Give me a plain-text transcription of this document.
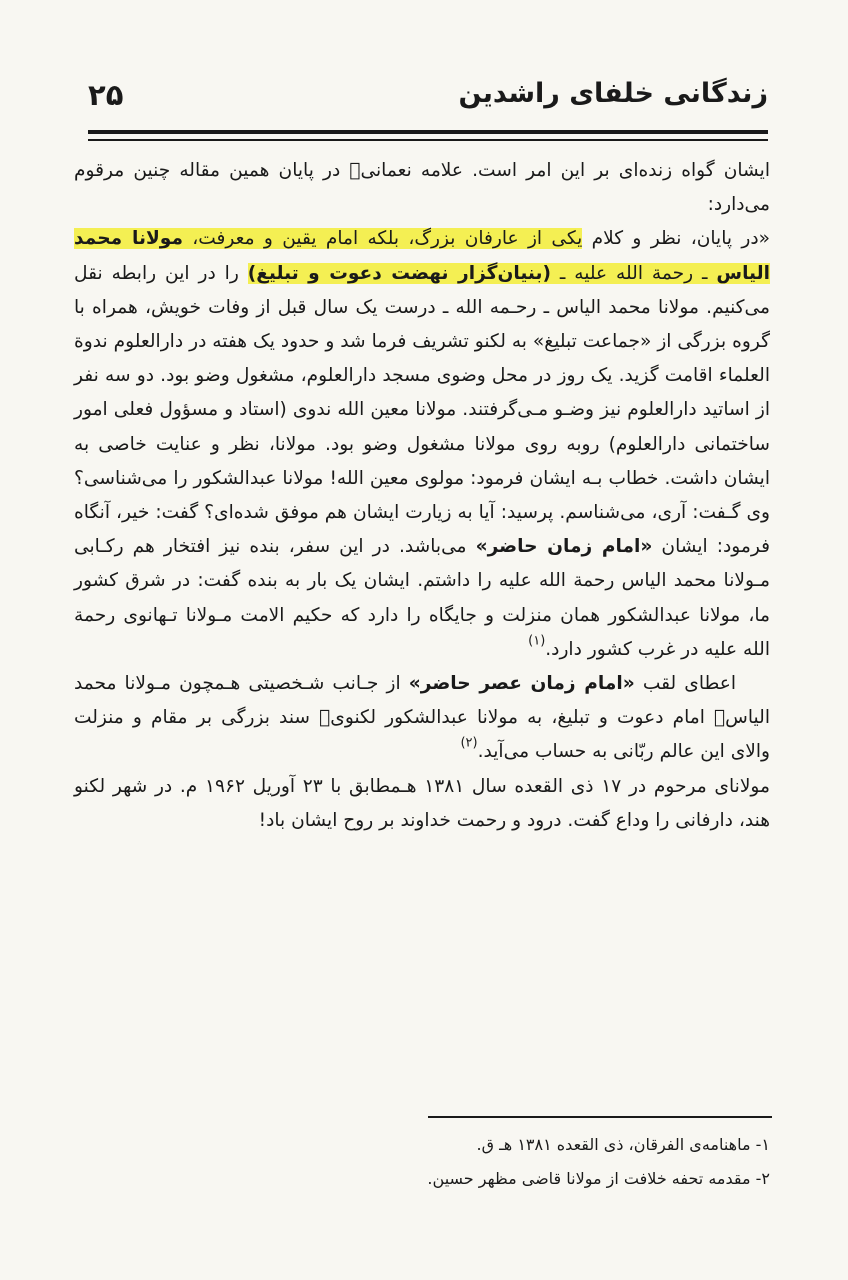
زندگانی خلفای راشدین
۲۵

ایشان گواه زنده‌ای بر این امر است. علامه نعمانیؐ در پایان همین مقاله چنین مرقوم می‌دارد:

«در پایان، نظر و کلام یکی از عارفان بزرگ، بلکه امام یقین و معرفت، مولانا محمد الیاس ـ رحمة الله علیه ـ (بنیان‌گزار نهضت دعوت و تبلیغ) را در این رابطه نقل می‌کنیم. مولانا محمد الیاس ـ رحـمه الله ـ درست یک سال قبل از وفات خویش، همراه با گروه بزرگی از «جماعت تبلیغ» به لکنو تشریف فرما شد و حدود یک هفته در دارالعلوم ندوة العلماء اقامت گزید. یک روز در محل وضوی مسجد دارالعلوم، مشغول وضو بود. دو سه نفر از اساتید دارالعلوم نیز وضـو مـی‌گرفتند. مولانا معین الله ندوی (استاد و مسؤول فعلی امور ساختمانی دارالعلوم) روبه روی مولانا مشغول وضو بود. مولانا، نظر و عنایت خاصی به ایشان داشت. خطاب بـه ایشان فرمود: مولوی معین الله! مولانا عبدالشکور را می‌شناسی؟ وی گـفت: آری، می‌شناسم. پرسید: آیا به زیارت ایشان هم موفق شده‌ای؟ گفت: خیر، آنگاه فرمود: ایشان «امام زمان حاضر» می‌باشد. در این سفر، بنده نیز افتخار هم رکـابی مـولانا محمد الیاس رحمة الله علیه را داشتم. ایشان یک بار به بنده گفت: در شرق کشور ما، مولانا عبدالشکور همان منزلت و جایگاه را دارد که حکیم الامت مـولانا تـهانوی رحمة الله علیه در غرب کشور دارد.$^{(۱)}$

اعطای لقب «امام زمان عصر حاضر» از جـانب شـخصیتی هـمچون مـولانا محمد الیاسؐ امام دعوت و تبلیغ، به مولانا عبدالشکور لکنویؐ سند بزرگی بر مقام و منزلت والای این عالم ربّانی به حساب می‌آید.$^{(۲)}$

مولانای مرحوم در ۱۷ ذی القعده سال ۱۳۸۱ هـمطابق با ۲۳ آوریل ۱۹۶۲ م. در شهر لکنو هند، دارفانی را وداع گفت. درود و رحمت خداوند بر روح ایشان باد!

۱- ماهنامه‌ی الفرقان، ذی القعده ۱۳۸۱ هـ ق.
۲- مقدمه تحفه خلافت از مولانا قاضی مظهر حسین.
